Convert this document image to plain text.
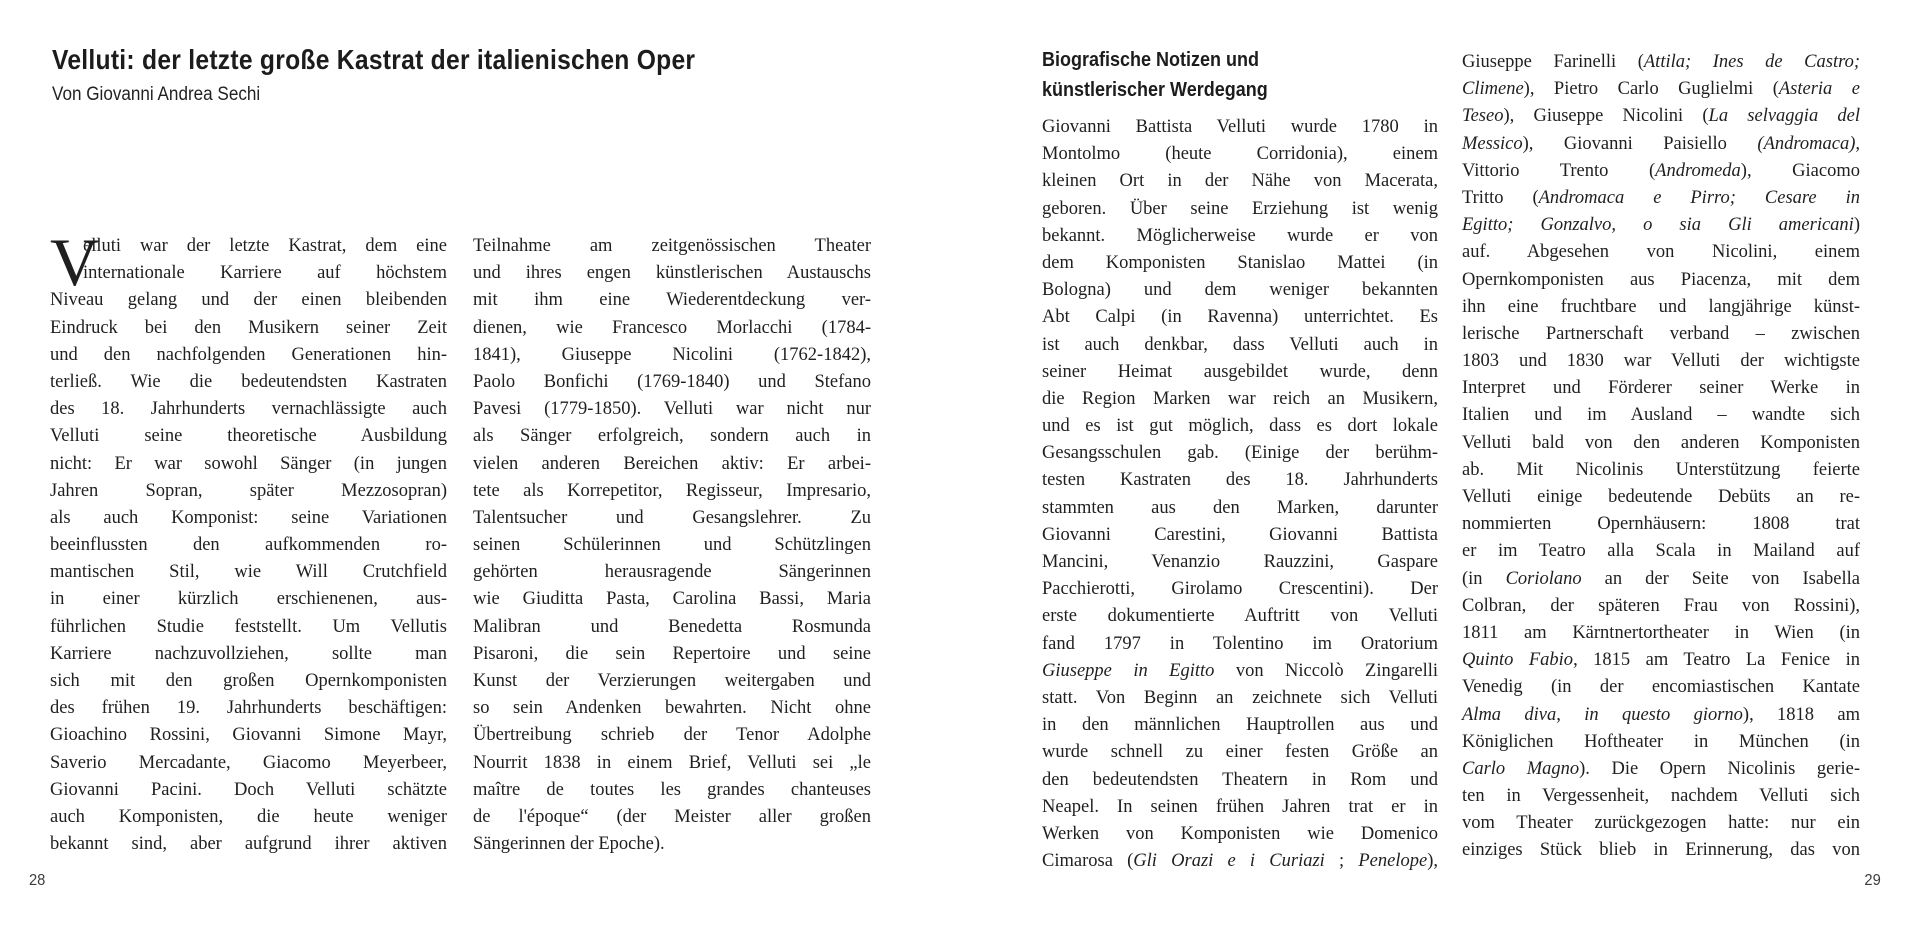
Velluti: der letzte große Kastrat der italienischen Oper
Von Giovanni Andrea Sechi
V
elluti war der letzte Kastrat, dem eine
internationale Karriere auf höchstem
Niveau gelang und der einen bleibenden
Eindruck bei den Musikern seiner Zeit
und den nachfolgenden Generationen hin-
terließ. Wie die bedeutendsten Kastraten
des 18. Jahrhunderts vernachlässigte auch
Velluti seine theoretische Ausbildung
nicht: Er war sowohl Sänger (in jungen
Jahren Sopran, später Mezzosopran)
als auch Komponist: seine Variationen
beeinflussten den aufkommenden ro-
mantischen Stil, wie Will Crutchfield
in einer kürzlich erschienenen, aus-
führlichen Studie feststellt. Um Vellutis
Karriere nachzuvollziehen, sollte man
sich mit den großen Opernkomponisten
des frühen 19. Jahrhunderts beschäftigen:
Gioachino Rossini, Giovanni Simone Mayr,
Saverio Mercadante, Giacomo Meyerbeer,
Giovanni Pacini. Doch Velluti schätzte
auch Komponisten, die heute weniger
bekannt sind, aber aufgrund ihrer aktiven
Teilnahme am zeitgenössischen Theater
und ihres engen künstlerischen Austauschs
mit ihm eine Wiederentdeckung ver-
dienen, wie Francesco Morlacchi (1784-
1841), Giuseppe Nicolini (1762-1842),
Paolo Bonfichi (1769-1840) und Stefano
Pavesi (1779-1850). Velluti war nicht nur
als Sänger erfolgreich, sondern auch in
vielen anderen Bereichen aktiv: Er arbei-
tete als Korrepetitor, Regisseur, Impresario,
Talentsucher und Gesangslehrer. Zu
seinen Schülerinnen und Schützlingen
gehörten herausragende Sängerinnen
wie Giuditta Pasta, Carolina Bassi, Maria
Malibran und Benedetta Rosmunda
Pisaroni, die sein Repertoire und seine
Kunst der Verzierungen weitergaben und
so sein Andenken bewahrten. Nicht ohne
Übertreibung schrieb der Tenor Adolphe
Nourrit 1838 in einem Brief, Velluti sei „le
maître de toutes les grandes chanteuses
de l'époque“ (der Meister aller großen
Sängerinnen der Epoche).
28
Biografische Notizen und
künstlerischer Werdegang
Giovanni Battista Velluti wurde 1780 in
Montolmo (heute Corridonia), einem
kleinen Ort in der Nähe von Macerata,
geboren. Über seine Erziehung ist wenig
bekannt. Möglicherweise wurde er von
dem Komponisten Stanislao Mattei (in
Bologna) und dem weniger bekannten
Abt Calpi (in Ravenna) unterrichtet. Es
ist auch denkbar, dass Velluti auch in
seiner Heimat ausgebildet wurde, denn
die Region Marken war reich an Musikern,
und es ist gut möglich, dass es dort lokale
Gesangsschulen gab. (Einige der berühm-
testen Kastraten des 18. Jahrhunderts
stammten aus den Marken, darunter
Giovanni Carestini, Giovanni Battista
Mancini, Venanzio Rauzzini, Gaspare
Pacchierotti, Girolamo Crescentini). Der
erste dokumentierte Auftritt von Velluti
fand 1797 in Tolentino im Oratorium
Giuseppe in Egitto von Niccolò Zingarelli
statt. Von Beginn an zeichnete sich Velluti
in den männlichen Hauptrollen aus und
wurde schnell zu einer festen Größe an
den bedeutendsten Theatern in Rom und
Neapel. In seinen frühen Jahren trat er in
Werken von Komponisten wie Domenico
Cimarosa (Gli Orazi e i Curiazi ; Penelope),
Giuseppe Farinelli (Attila; Ines de Castro;
Climene), Pietro Carlo Guglielmi (Asteria e
Teseo), Giuseppe Nicolini (La selvaggia del
Messico), Giovanni Paisiello (Andromaca),
Vittorio Trento (Andromeda), Giacomo
Tritto (Andromaca e Pirro; Cesare in
Egitto; Gonzalvo, o sia Gli americani)
auf. Abgesehen von Nicolini, einem
Opernkomponisten aus Piacenza, mit dem
ihn eine fruchtbare und langjährige künst-
lerische Partnerschaft verband – zwischen
1803 und 1830 war Velluti der wichtigste
Interpret und Förderer seiner Werke in
Italien und im Ausland – wandte sich
Velluti bald von den anderen Komponisten
ab. Mit Nicolinis Unterstützung feierte
Velluti einige bedeutende Debüts an re-
nommierten Opernhäusern: 1808 trat
er im Teatro alla Scala in Mailand auf
(in Coriolano an der Seite von Isabella
Colbran, der späteren Frau von Rossini),
1811 am Kärntnertortheater in Wien (in
Quinto Fabio, 1815 am Teatro La Fenice in
Venedig (in der encomiastischen Kantate
Alma diva, in questo giorno), 1818 am
Königlichen Hoftheater in München (in
Carlo Magno). Die Opern Nicolinis gerie-
ten in Vergessenheit, nachdem Velluti sich
vom Theater zurückgezogen hatte: nur ein
einziges Stück blieb in Erinnerung, das von
29
